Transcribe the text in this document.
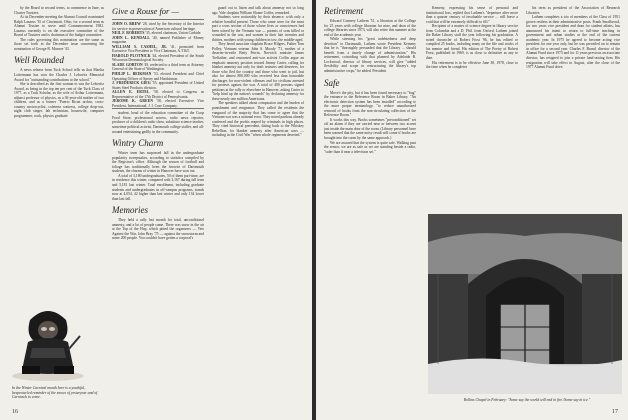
by the Board to second terms, to commence in June, as Charter Trustees.

At its December meeting the Alumni Council nominated Ralph Lazarus '35 of Cincinnati, Ohio, for a second term as Alumni Trustee to serve until Commencement 1982. Lazarus currently is on the executive committee of the Board of Trustees and is chairman of the budget committee.

The rules governing this nomination are the same as those set forth in the December issue concerning the nomination of George B. Munroe '43.

Well Rounded

A news release from Tuck School tells us that Martha Lottermann has won the Charles J. Lebovitz Memorial Award for "outstanding contributions to the school."

She is described as the first woman to win the Lebovitz Award, as being in the top ten per cent of the Tuck Class of 1977, as a Tuck Scholar, as the wife of Arthur Lottermann, adjunct professor of physics, as a 36-year-old mother of two children, and as a former "Puerto Rican urchin, cross-country motorcyclist, cafeteria waitress, college drop-out, night club singer, lab technician, housewife, computer programmer, cook, physics graduate

In the Winter Carnival month here is a youthful, bespectacled reminder of the snows of yesteryear and of Carnivals to come.
Give a Rouse for —

JOHN O. BREW '28, cited by the Secretary of the Interior for service in preservation of American cultural heritage.

NEIL F. ROBERTS '35, elected chairman, Union Carbide.

JOHN L. KENDALL '40, named Publisher of Money magazine.

WILLIAM S. CASHEL, JR. '41, promoted from Executive Vice President to Vice Chairman, A.T.&T.

HAROLD PLOTNICK '44, elected President of the South Wisconsin Dermatological Society.

SLADE GORTON '49, reelected to a third term as Attorney General of the State of Washington.

PHILIP L. BEIKMAN '53, elected President and Chief Operating Officer of Sperry and Hutchinson.

J. FREDERICK GIEG '55, appointed President of United States Steel Products division.

ALLEN E. ERTEL '58, elected to Congress as Representative of the 17th District of Pennsylvania.

JEROME K. GREEN '58, elected Executive Vice President, International, J. I. Case Company.

student, head of the education committee of the Coop Food Store, professional actress, radio news reporter, producer of a children's radio show, substitute science teacher, sometime political activist, Dartmouth college staffer, and all-around entertaining gadfly in the community.

Wintry Charm

Winter term has surpassed fall in the undergraduate popularity sweepstakes, according to statistics compiled by the Registrar's office. Although the season of football and foliage has traditionally been the favorite of Dartmouth students, the charms of winter in Hanover have won out.

A total of 3,180 undergraduates, 50 of them part-time, are in residence this winter, compared with 3,167 during fall term and 3,181 last winter. Total enrollment, including graduate students and undergraduates in off-campus programs, stands now at 4,054, 42 higher than last winter and only 134 lower than last fall.

Memories

They held a rally last month for total, unconditional amnesty, and a lot of people came. There was snow in the air at the Top of the Hop, which pitted the organizers — Vets Against the War, John Bray '75 — against the snowstorm and some 200 people. You couldn't have gotten a corporal's

guard out to listen and talk about amnesty not so long ago, Vale chaplain William Sloane Coffin, remarked.

Students were noticeably by their absence, with only a relative handful present. Those who came were for the most part a cross section of those whose lives or consciences had been stirred by the Vietnam war — parents of sons killed or wounded in the war, and women in their late twenties and thirties, mothers with young children in tow, the middle-aged.

They heard associate chaplain Bruce Hilgers, Father Tom Polley, Vietnam veteran John S. Moody '71, mother of a deserter-in-exile Betty Perrin, Norwich minister James Trelfather, and renowned anti-war activist Coffin argue an emphatic amnesty position toward Jimmy Carter, calling for blanket amnesty not only for draft resisters and deserters, for those who fled the country and those who went to jail, but also for almost 800,000 who received less than honorable discharges for non-violent offenses and for civilians arrested for protests against the war. A total of 400 persons signed petitions at the rally or elsewhere in Hanover, asking Carter to "help bind up the nation's wounds" by declaring amnesty for these nearly one million Americans.

The speakers talked about compassion and the burden of punishment and vengeance. They called the residents the vanguard of the majority that has come to agree that the Vietnam war was a national error. They noted pardons already conferred and the profits reaped by criminals in high places. They cited historical precedent, dating back to the Whiskey Rebellion, for blanket amnesty after American wars — including in the Civil War "when whole regiments deserted."

16
Retirement

Edward Connery Lathem '51, a librarian at the College for 25 years with college librarian for nine, and dean of the college libraries since 1973, will also retire this summer at the end of the academic year.

While stressing his "great indebtedness and deep devotion" to Dartmouth, Lathem wrote President Kemeny that he is "thoroughly persuaded that the Library ... should benefit from a timely change of administration." His retirement, coinciding with that planned by Adelaide B. Lockwood, director of library services, will give "added flexibility and scope in restructuring the library's top administrative corps," he added. President

Safe

Move's the pity, but it has been found necessary to "bug" the entrance to the Reference Room in Baker Library. "An electronic detection system has been installed" according to the more proper terminology, "to reduce unauthorized removal of books from the non-circulating collection of the Reference Room."

It works this way. Books sometimes "preconditioned" set off an alarm if they are carried near or between two accent just inside the main door of the room. (Library personnel have been warned that the same noisy result will come if books are brought into the room by the same approach.)

We are assured that the system is quite safe. Walking past the sensor, we are as safe as we are standing beside a radio, "safer than if near a television set."

Kemeny, expressing his sense of personal and institutional loss, replied that Lathem's "departure after more than a quarter century of invaluable service ... will leave a void that will be extremely difficult to fill."

Recipient of a master of science degree in library service from Columbia and a D. Phil. from Oxford, Lathem joined the Baker Library staff the year following his graduation. A noted chronicler of Robert Frost '96, he has edited or compiled 25 books, including many on the life and works of his mentor and friend. His edition of The Poetry of Robert Frost, published in 1969, is as close to definitive as any to date.

His retirement is to be effective June 30, 1978, close to the time when he completes

his term as president of the Association of Research Libraries.

Lathem completes a trio of members of the Class of 1951 grown restless in their administrative posts. Frank Smallwood, for two years vice president and dean for student affairs, has announced his intent to return to full-time teaching in government and urban studies at the end of the current academic year. In 1975 he agreed to become acting vice president for one year only, but he was prevailed on to remain in office for a second year. Charles F. Brand, director of the Alumni Fund since 1973 and for 11 years previous an associate director, has resigned to join a private fund-raising firm. His resignation will take effect in August, after the close of the 1977 Alumni Fund drive.

17
Rollins Chapel in February: "Some say the world will end in fire./Some say in ice."
